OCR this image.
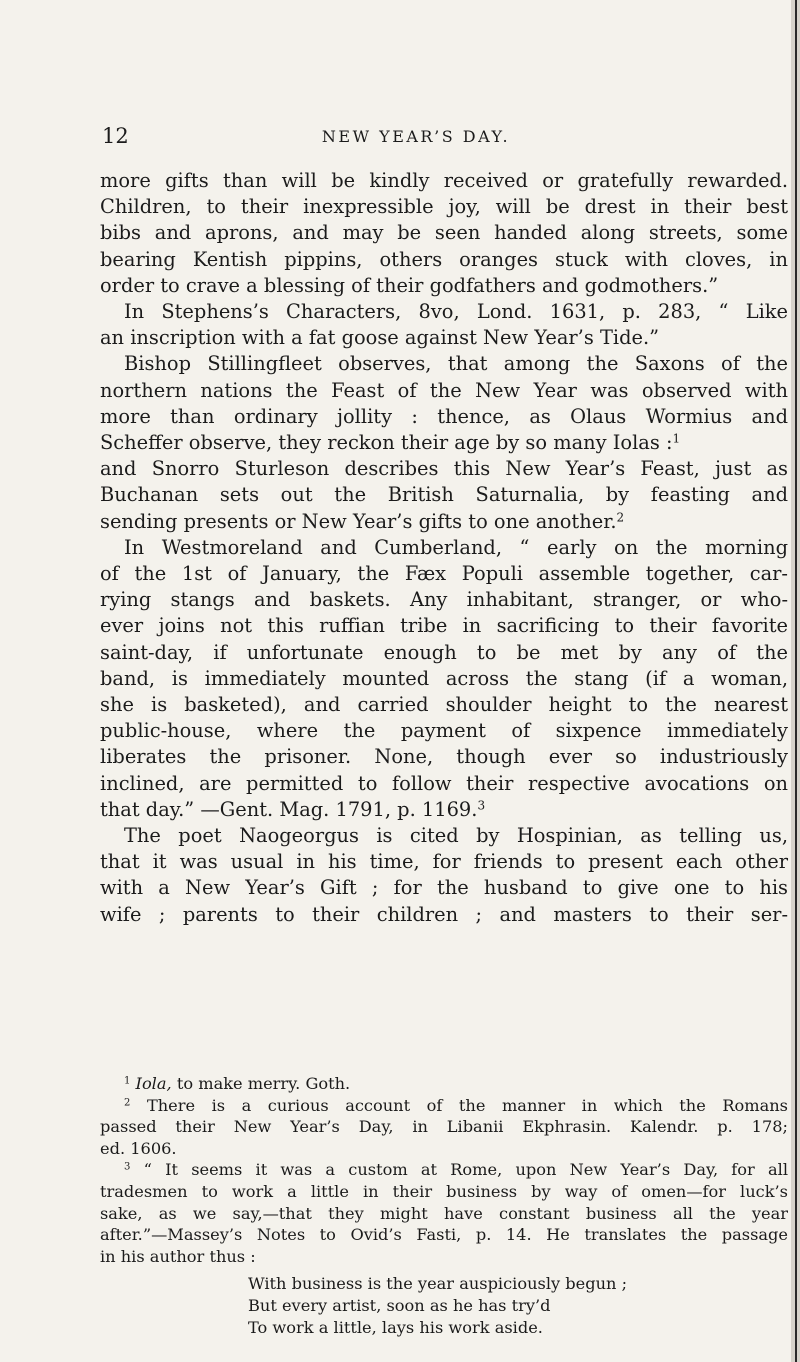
12	NEW YEAR’S DAY.
more gifts than will be kindly received or gratefully rewarded.
Children, to their inexpressible joy, will be drest in their best
bibs and aprons, and may be seen handed along streets, some
bearing Kentish pippins, others oranges stuck with cloves, in
order to crave a blessing of their godfathers and godmothers.”
In Stephens’s Characters, 8vo, Lond. 1631, p. 283, “ Like
an inscription with a fat goose against New Year’s Tide.”
Bishop Stillingfleet observes, that among the Saxons of the
northern nations the Feast of the New Year was observed with
more than ordinary jollity : thence, as Olaus Wormius and
Scheffer observe, they reckon their age by so many Iolas :$^1$
and Snorro Sturleson describes this New Year’s Feast, just as
Buchanan sets out the British Saturnalia, by feasting and
sending presents or New Year’s gifts to one another.$^2$
In Westmoreland and Cumberland, “ early on the morning
of the 1st of January, the Fæx Populi assemble together, car-
rying stangs and baskets. Any inhabitant, stranger, or who-
ever joins not this ruffian tribe in sacrificing to their favorite
saint-day, if unfortunate enough to be met by any of the
band, is immediately mounted across the stang (if a woman,
she is basketed), and carried shoulder height to the nearest
public-house, where the payment of sixpence immediately
liberates the prisoner. None, though ever so industriously
inclined, are permitted to follow their respective avocations on
that day.” —Gent. Mag. 1791, p. 1169.$^3$
The poet Naogeorgus is cited by Hospinian, as telling us,
that it was usual in his time, for friends to present each other
with a New Year’s Gift ; for the husband to give one to his
wife ; parents to their children ; and masters to their ser-
$^1$ Iola, to make merry. Goth.
$^2$ There is a curious account of the manner in which the Romans
passed their New Year’s Day, in Libanii Ekphrasin. Kalendr. p. 178;
ed. 1606.
$^3$ “ It seems it was a custom at Rome, upon New Year’s Day, for all
tradesmen to work a little in their business by way of omen—for luck’s
sake, as we say,—that they might have constant business all the year
after.”—Massey’s Notes to Ovid’s Fasti, p. 14. He translates the passage
in his author thus :
With business is the year auspiciously begun ;
But every artist, soon as he has try’d
To work a little, lays his work aside.
